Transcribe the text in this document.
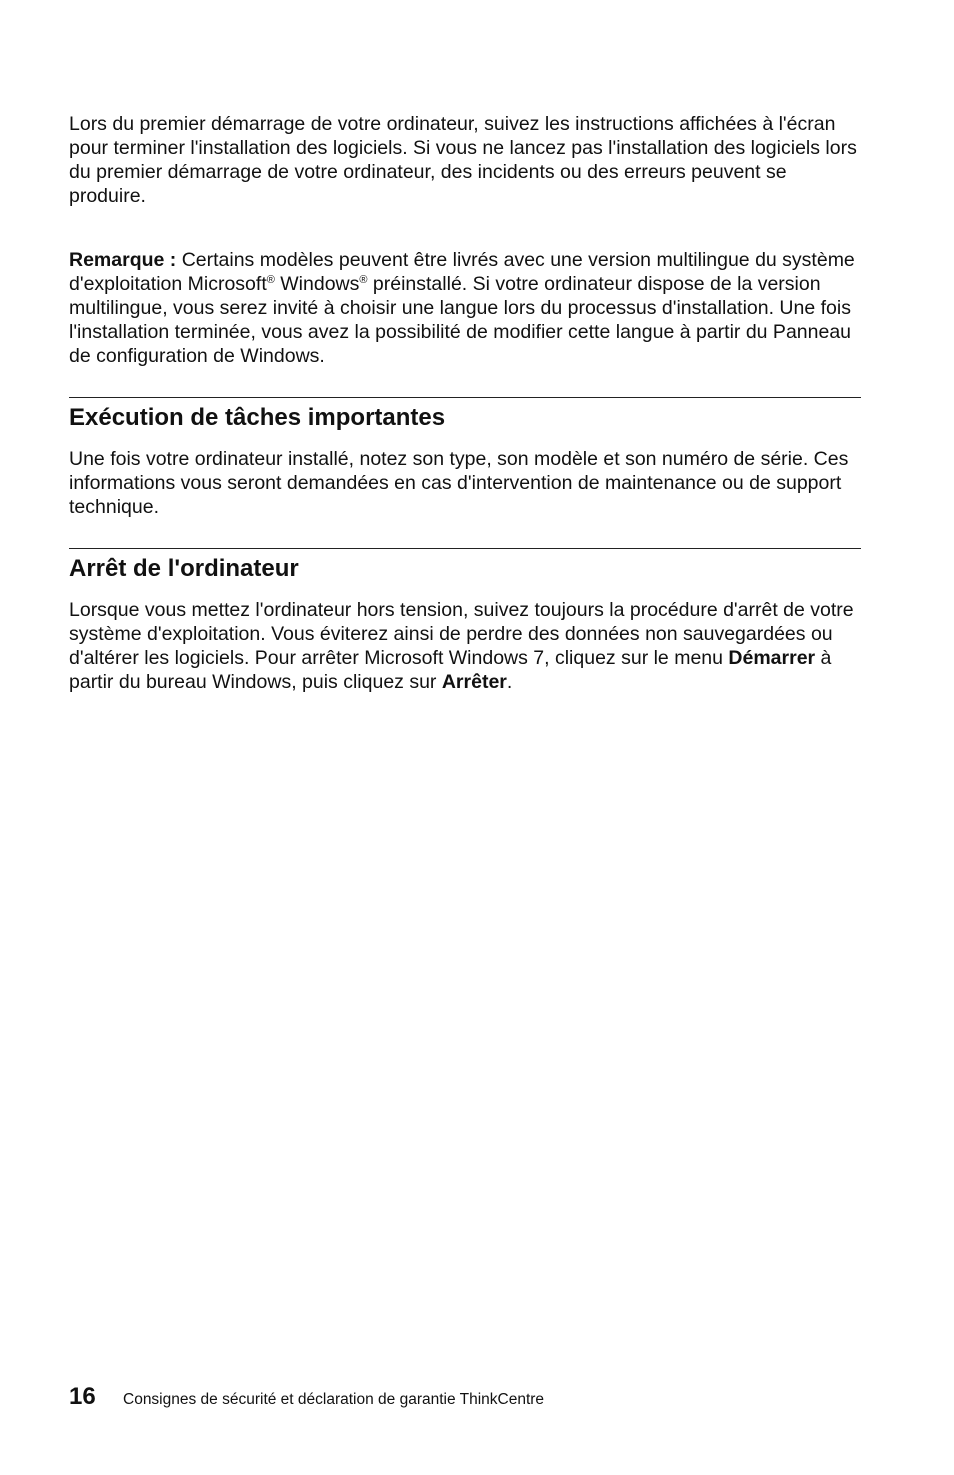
Lors du premier démarrage de votre ordinateur, suivez les instructions affichées à l'écran pour terminer l'installation des logiciels. Si vous ne lancez pas l'installation des logiciels lors du premier démarrage de votre ordinateur, des incidents ou des erreurs peuvent se produire.

Remarque : Certains modèles peuvent être livrés avec une version multilingue du système d'exploitation Microsoft® Windows® préinstallé. Si votre ordinateur dispose de la version multilingue, vous serez invité à choisir une langue lors du processus d'installation. Une fois l'installation terminée, vous avez la possibilité de modifier cette langue à partir du Panneau de configuration de Windows.

Exécution de tâches importantes

Une fois votre ordinateur installé, notez son type, son modèle et son numéro de série. Ces informations vous seront demandées en cas d'intervention de maintenance ou de support technique.

Arrêt de l'ordinateur

Lorsque vous mettez l'ordinateur hors tension, suivez toujours la procédure d'arrêt de votre système d'exploitation. Vous éviterez ainsi de perdre des données non sauvegardées ou d'altérer les logiciels. Pour arrêter Microsoft Windows 7, cliquez sur le menu Démarrer à partir du bureau Windows, puis cliquez sur Arrêter.

16	Consignes de sécurité et déclaration de garantie ThinkCentre
